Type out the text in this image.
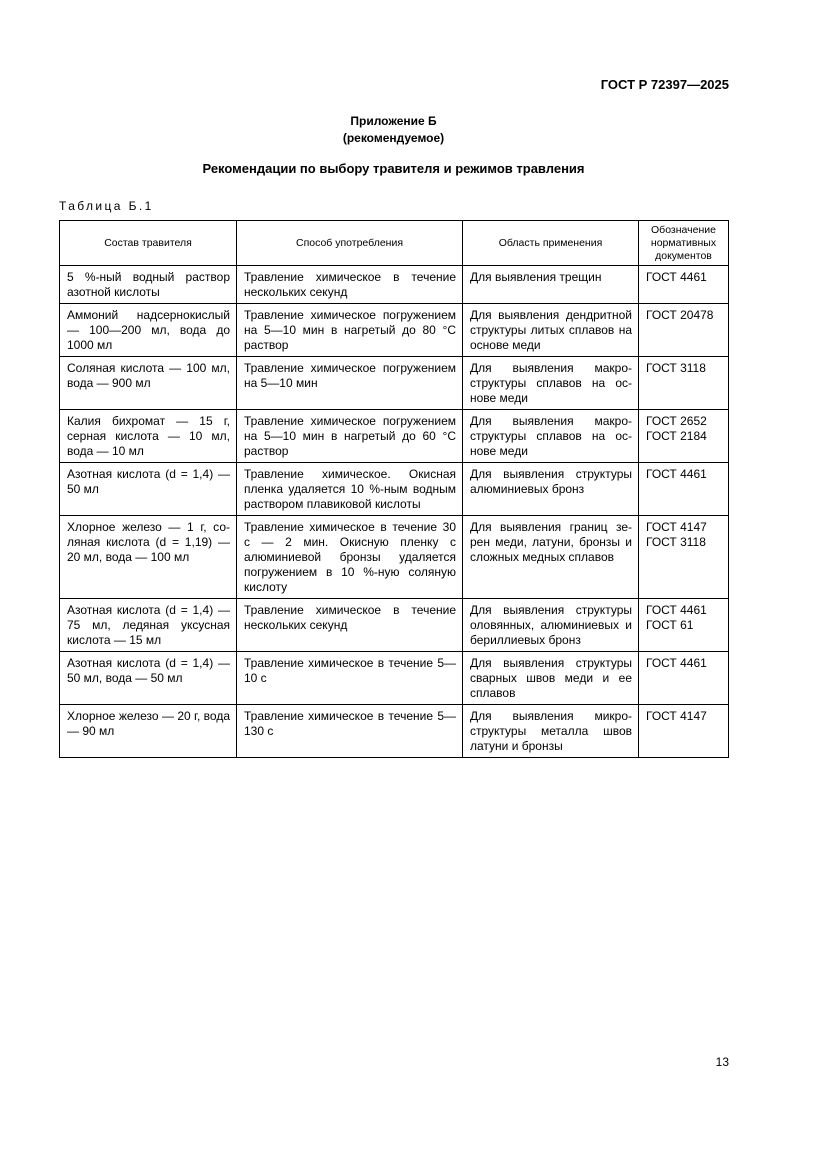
ГОСТ Р 72397—2025
Приложение Б
(рекомендуемое)
Рекомендации по выбору травителя и режимов травления
Таблица Б.1
Состав травителя	Способ употребления	Область применения	Обозначение нормативных документов
5 %-ный водный раствор азотной кислоты	Травление химическое в течение нескольких секунд	Для выявления трещин	ГОСТ 4461

Аммоний надсернокислый — 100—200 мл, вода до 1000 мл	Травление химическое погружением на 5—10 мин в нагретый до 80 °С раствор	Для выявления дендритной структуры литых сплавов на основе меди	ГОСТ 20478

Соляная кислота — 100 мл, вода — 900 мл	Травление химическое погружением на 5—10 мин	Для выявления макроструктуры сплавов на основе меди	ГОСТ 3118

Калия бихромат — 15 г, серная кислота — 10 мл, вода — 10 мл	Травление химическое погружением на 5—10 мин в нагретый до 60 °С раствор	Для выявления макроструктуры сплавов на основе меди	ГОСТ 2652
ГОСТ 2184

Азотная кислота (d = 1,4) — 50 мл	Травление химическое. Окисная пленка удаляется 10 %-ным водным раствором плавиковой кислоты	Для выявления структуры алюминиевых бронз	ГОСТ 4461

Хлорное железо — 1 г, соляная кислота (d = 1,19) — 20 мл, вода — 100 мл	Травление химическое в течение 30 с — 2 мин. Окисную пленку с алюминиевой бронзы удаляется погружением в 10 %-ную соляную кислоту	Для выявления границ зерен меди, латуни, бронзы и сложных медных сплавов	ГОСТ 4147
ГОСТ 3118

Азотная кислота (d = 1,4) — 75 мл, ледяная уксусная кислота — 15 мл	Травление химическое в течение нескольких секунд	Для выявления структуры оловянных, алюминиевых и бериллиевых бронз	ГОСТ 4461
ГОСТ 61

Азотная кислота (d = 1,4) — 50 мл, вода — 50 мл	Травление химическое в течение 5—10 с	Для выявления структуры сварных швов меди и ее сплавов	ГОСТ 4461

Хлорное железо — 20 г, вода — 90 мл	Травление химическое в течение 5—130 с	Для выявления микроструктуры металла швов латуни и бронзы	ГОСТ 4147
13
